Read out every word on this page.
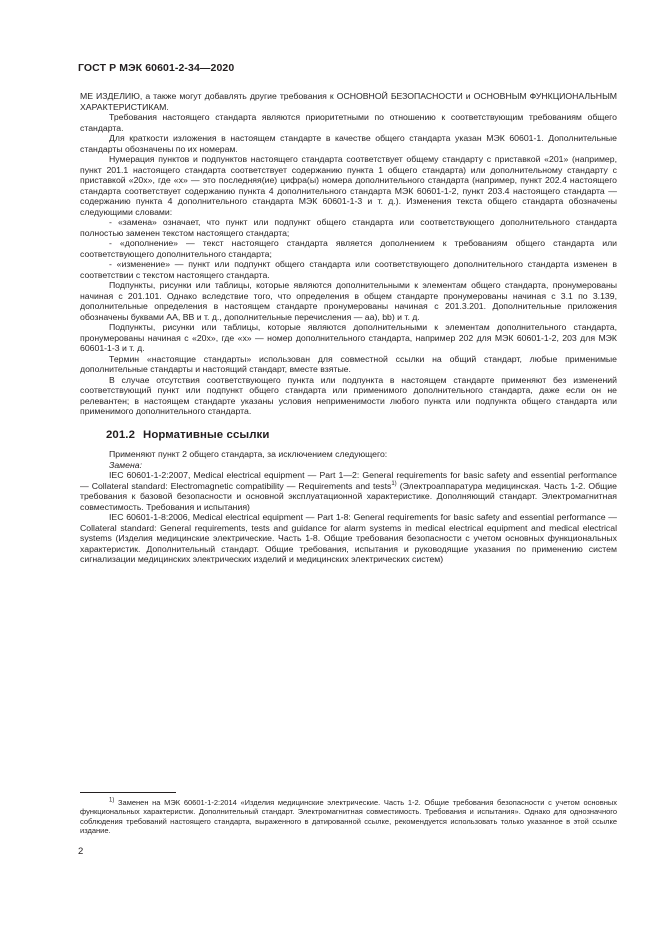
ГОСТ Р МЭК 60601-2-34—2020

МЕ ИЗДЕЛИЮ, а также могут добавлять другие требования к ОСНОВНОЙ БЕЗОПАСНОСТИ и ОСНОВНЫМ ФУНКЦИОНАЛЬНЫМ ХАРАКТЕРИСТИКАМ.

Требования настоящего стандарта являются приоритетными по отношению к соответствующим требованиям общего стандарта.

Для краткости изложения в настоящем стандарте в качестве общего стандарта указан МЭК 60601-1. Дополнительные стандарты обозначены по их номерам.

Нумерация пунктов и подпунктов настоящего стандарта соответствует общему стандарту с приставкой «201» (например, пункт 201.1 настоящего стандарта соответствует содержанию пункта 1 общего стандарта) или дополнительному стандарту с приставкой «20х», где «х» — это последняя(ие) цифра(ы) номера дополнительного стандарта (например, пункт 202.4 настоящего стандарта соответствует содержанию пункта 4 дополнительного стандарта МЭК 60601-1-2, пункт 203.4 настоящего стандарта — содержанию пункта 4 дополнительного стандарта МЭК 60601-1-3 и т. д.). Изменения текста общего стандарта обозначены следующими словами:

- «замена» означает, что пункт или подпункт общего стандарта или соответствующего дополнительного стандарта полностью заменен текстом настоящего стандарта;

- «дополнение» — текст настоящего стандарта является дополнением к требованиям общего стандарта или соответствующего дополнительного стандарта;

- «изменение» — пункт или подпункт общего стандарта или соответствующего дополнительного стандарта изменен в соответствии с текстом настоящего стандарта.

Подпункты, рисунки или таблицы, которые являются дополнительными к элементам общего стандарта, пронумерованы начиная с 201.101. Однако вследствие того, что определения в общем стандарте пронумерованы начиная с 3.1 по 3.139, дополнительные определения в настоящем стандарте пронумерованы начиная с 201.3.201. Дополнительные приложения обозначены буквами АА, ВВ и т. д., дополнительные перечисления — аа), bb) и т. д.

Подпункты, рисунки или таблицы, которые являются дополнительными к элементам дополнительного стандарта, пронумерованы начиная с «20х», где «х» — номер дополнительного стандарта, например 202 для МЭК 60601-1-2, 203 для МЭК 60601-1-3 и т. д.

Термин «настоящие стандарты» использован для совместной ссылки на общий стандарт, любые применимые дополнительные стандарты и настоящий стандарт, вместе взятые.

В случае отсутствия соответствующего пункта или подпункта в настоящем стандарте применяют без изменений соответствующий пункт или подпункт общего стандарта или применимого дополнительного стандарта, даже если он не релевантен; в настоящем стандарте указаны условия неприменимости любого пункта или подпункта общего стандарта или применимого дополнительного стандарта.

201.2 Нормативные ссылки

Применяют пункт 2 общего стандарта, за исключением следующего:

Замена:

IEC 60601-1-2:2007, Medical electrical equipment — Part 1—2: General requirements for basic safety and essential performance — Collateral standard: Electromagnetic compatibility — Requirements and tests$^{1)}$ (Электроаппаратура медицинская. Часть 1-2. Общие требования к базовой безопасности и основной эксплуатационной характеристике. Дополняющий стандарт. Электромагнитная совместимость. Требования и испытания)

IEC 60601-1-8:2006, Medical electrical equipment — Part 1-8: General requirements for basic safety and essential performance — Collateral standard: General requirements, tests and guidance for alarm systems in medical electrical equipment and medical electrical systems (Изделия медицинские электрические. Часть 1-8. Общие требования безопасности с учетом основных функциональных характеристик. Дополнительный стандарт. Общие требования, испытания и руководящие указания по применению систем сигнализации медицинских электрических изделий и медицинских электрических систем)

$^{1)}$ Заменен на МЭК 60601-1-2:2014 «Изделия медицинские электрические. Часть 1-2. Общие требования безопасности с учетом основных функциональных характеристик. Дополнительный стандарт. Электромагнитная совместимость. Требования и испытания». Однако для однозначного соблюдения требований настоящего стандарта, выраженного в датированной ссылке, рекомендуется использовать только указанное в этой ссылке издание.

2
